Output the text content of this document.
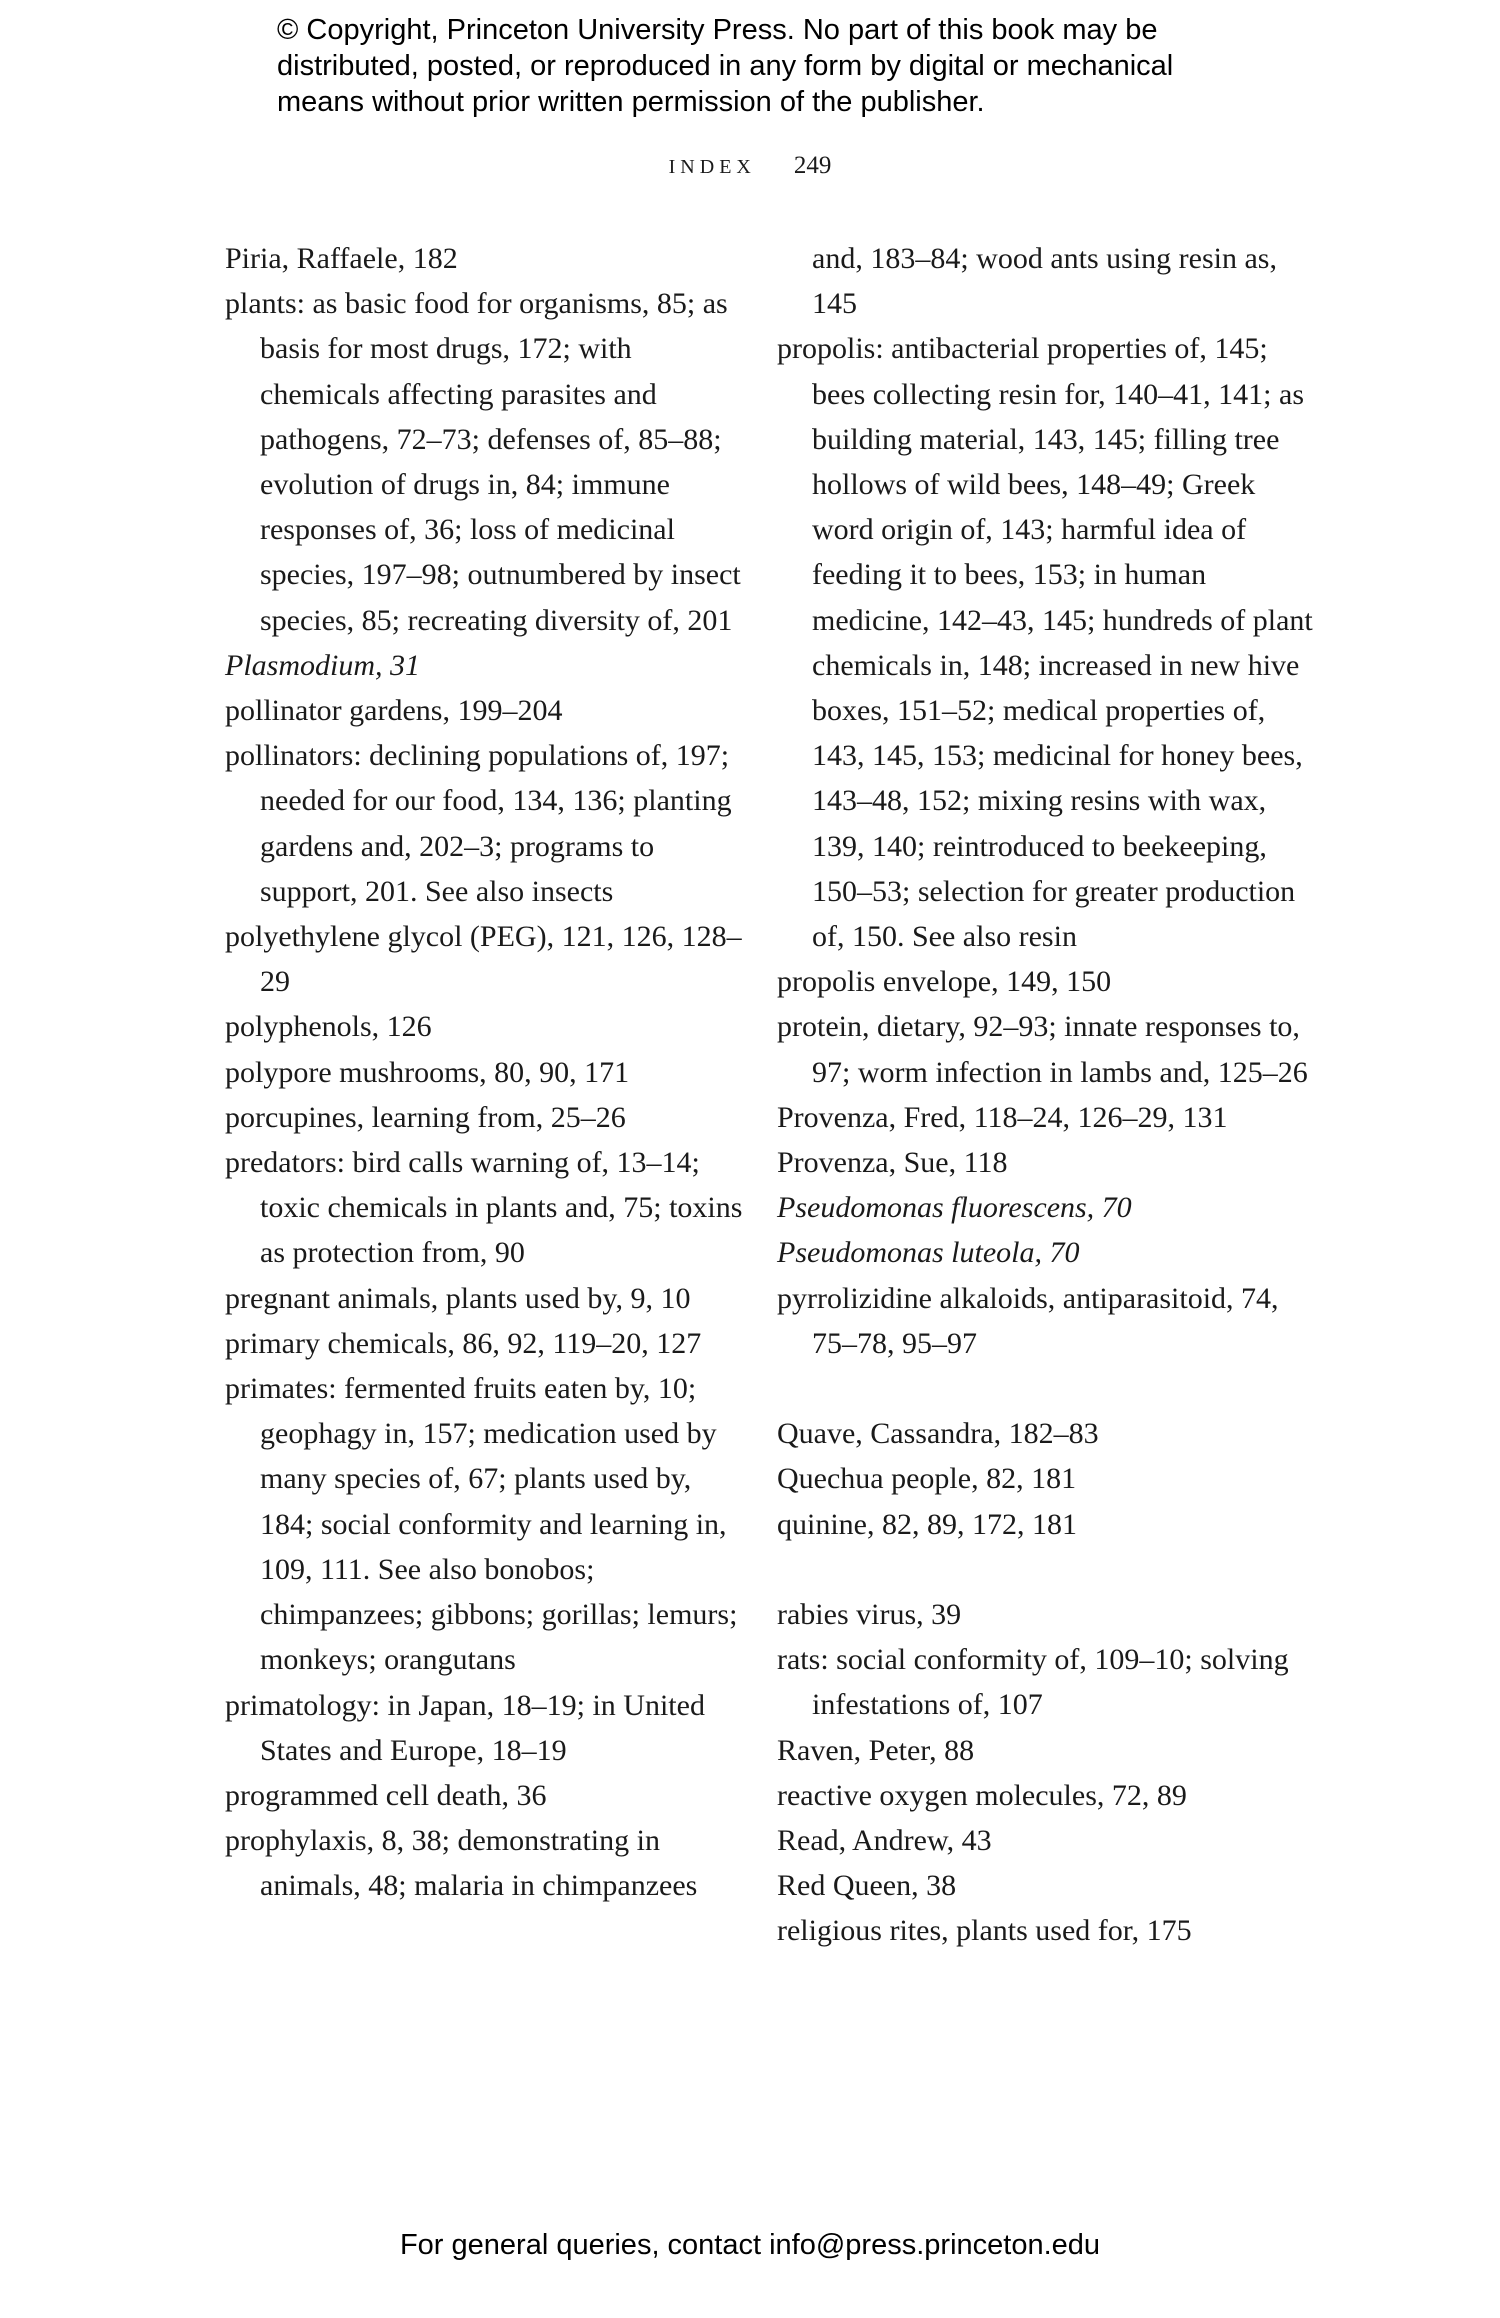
© Copyright, Princeton University Press. No part of this book may be
distributed, posted, or reproduced in any form by digital or mechanical
means without prior written permission of the publisher.
INDEX 249

Piria, Raffaele, 182

plants: as basic food for organisms, 85; as basis for most drugs, 172; with chemicals affecting parasites and pathogens, 72–73; defenses of, 85–88; evolution of drugs in, 84; immune responses of, 36; loss of medicinal species, 197–98; outnumbered by insect species, 85; recreating diversity of, 201

Plasmodium, 31

pollinator gardens, 199–204

pollinators: declining populations of, 197; needed for our food, 134, 136; planting gardens and, 202–3; programs to support, 201. See also insects

polyethylene glycol (PEG), 121, 126, 128–29

polyphenols, 126

polypore mushrooms, 80, 90, 171

porcupines, learning from, 25–26

predators: bird calls warning of, 13–14; toxic chemicals in plants and, 75; toxins as protection from, 90

pregnant animals, plants used by, 9, 10

primary chemicals, 86, 92, 119–20, 127

primates: fermented fruits eaten by, 10; geophagy in, 157; medication used by many species of, 67; plants used by, 184; social conformity and learning in, 109, 111. See also bonobos; chimpanzees; gibbons; gorillas; lemurs; monkeys; orangutans

primatology: in Japan, 18–19; in United States and Europe, 18–19

programmed cell death, 36

prophylaxis, 8, 38; demonstrating in animals, 48; malaria in chimpanzees

and, 183–84; wood ants using resin as, 145

propolis: antibacterial properties of, 145; bees collecting resin for, 140–41, 141; as building material, 143, 145; filling tree hollows of wild bees, 148–49; Greek word origin of, 143; harmful idea of feeding it to bees, 153; in human medicine, 142–43, 145; hundreds of plant chemicals in, 148; increased in new hive boxes, 151–52; medical properties of, 143, 145, 153; medicinal for honey bees, 143–48, 152; mixing resins with wax, 139, 140; reintroduced to beekeeping, 150–53; selection for greater production of, 150. See also resin

propolis envelope, 149, 150

protein, dietary, 92–93; innate responses to, 97; worm infection in lambs and, 125–26

Provenza, Fred, 118–24, 126–29, 131

Provenza, Sue, 118

Pseudomonas fluorescens, 70

Pseudomonas luteola, 70

pyrrolizidine alkaloids, antiparasitoid, 74, 75–78, 95–97

Quave, Cassandra, 182–83

Quechua people, 82, 181

quinine, 82, 89, 172, 181

rabies virus, 39

rats: social conformity of, 109–10; solving infestations of, 107

Raven, Peter, 88

reactive oxygen molecules, 72, 89

Read, Andrew, 43

Red Queen, 38

religious rites, plants used for, 175

For general queries, contact info@press.princeton.edu
